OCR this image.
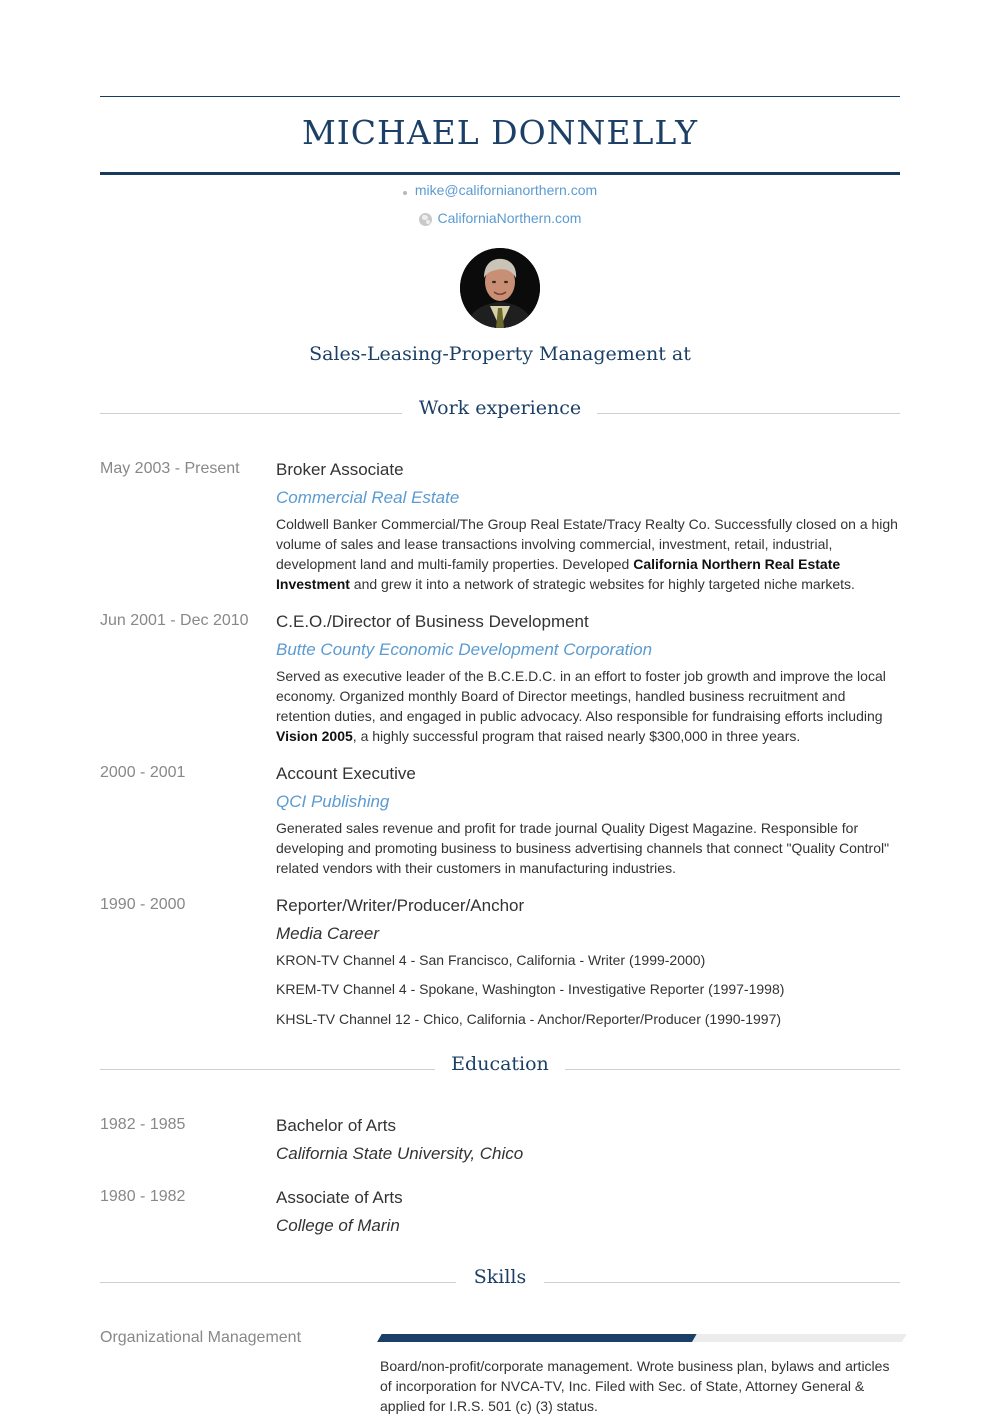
MICHAEL DONNELLY
mike@californianorthern.com
CaliforniaNorthern.com
Sales-Leasing-Property Management at
Work experience
May 2003 - Present Broker Associate
Commercial Real Estate

Coldwell Banker Commercial/The Group Real Estate/Tracy Realty Co. Successfully closed on a high volume of sales and lease transactions involving commercial, investment, retail, industrial, development land and multi-family properties. Developed California Northern Real Estate Investment and grew it into a network of strategic websites for highly targeted niche markets.

Jun 2001 - Dec 2010 C.E.O./Director of Business Development
Butte County Economic Development Corporation

Served as executive leader of the B.C.E.D.C. in an effort to foster job growth and improve the local economy. Organized monthly Board of Director meetings, handled business recruitment and retention duties, and engaged in public advocacy. Also responsible for fundraising efforts including Vision 2005, a highly successful program that raised nearly $300,000 in three years.

2000 - 2001	Account Executive
QCI Publishing

Generated sales revenue and profit for trade journal Quality Digest Magazine. Responsible for developing and promoting business to business advertising channels that connect "Quality Control" related vendors with their customers in manufacturing industries.

1990 - 2000	Reporter/Writer/Producer/Anchor
Media Career
KRON-TV Channel 4 - San Francisco, California - Writer (1999-2000)
KREM-TV Channel 4 - Spokane, Washington - Investigative Reporter (1997-1998)
KHSL-TV Channel 12 - Chico, California - Anchor/Reporter/Producer (1990-1997)
Education
1982 - 1985	Bachelor of Arts
California State University, Chico
1980 - 1982	Associate of Arts
College of Marin
Skills
Organizational Management

Board/non-profit/corporate management. Wrote business plan, bylaws and articles of incorporation for NVCA-TV, Inc. Filed with Sec. of State, Attorney General & applied for I.R.S. 501 (c) (3) status.
